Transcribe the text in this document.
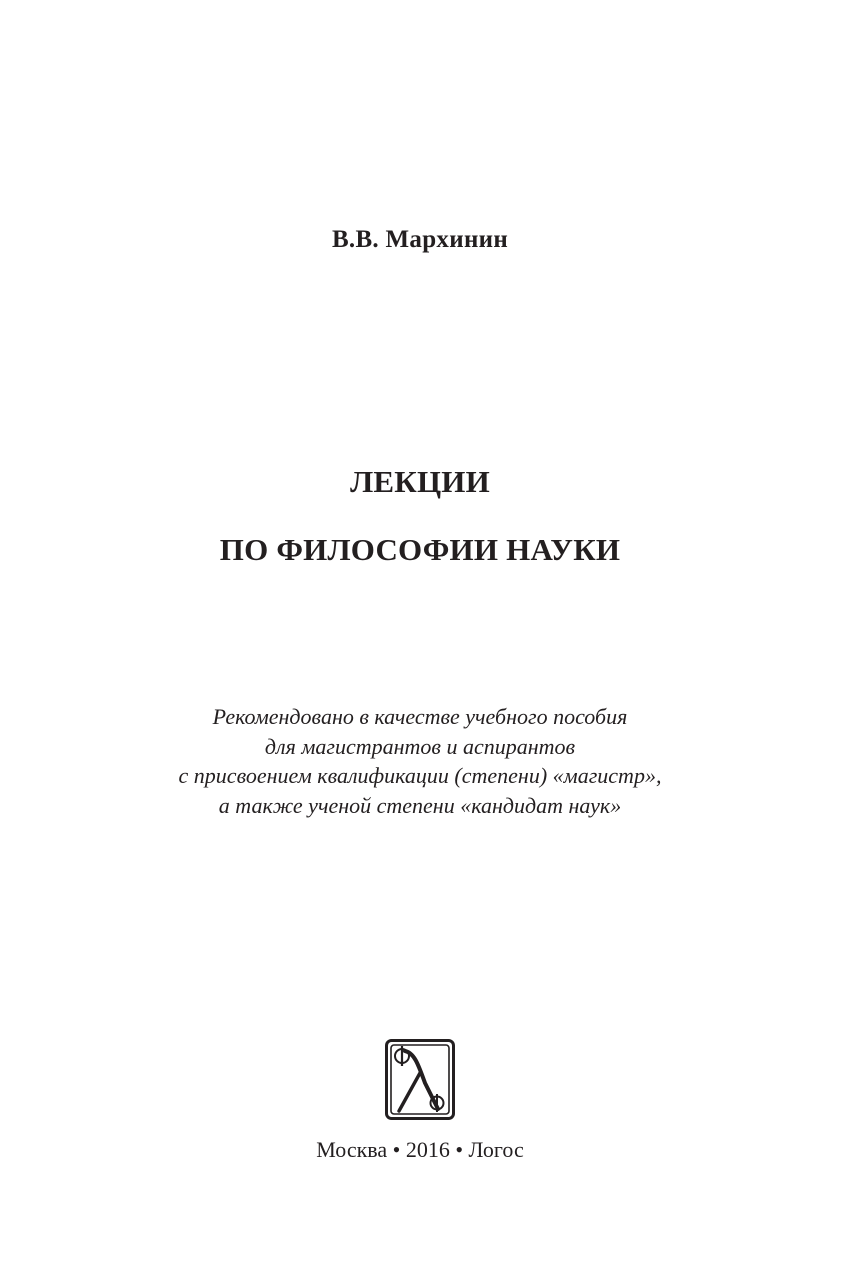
В.В. Мархинин
ЛЕКЦИИ
ПО ФИЛОСОФИИ НАУКИ
Рекомендовано в качестве учебного пособия
для магистрантов и аспирантов
с присвоением квалификации (степени) «магистр»,
а также ученой степени «кандидат наук»
Москва • 2016 • Логос
